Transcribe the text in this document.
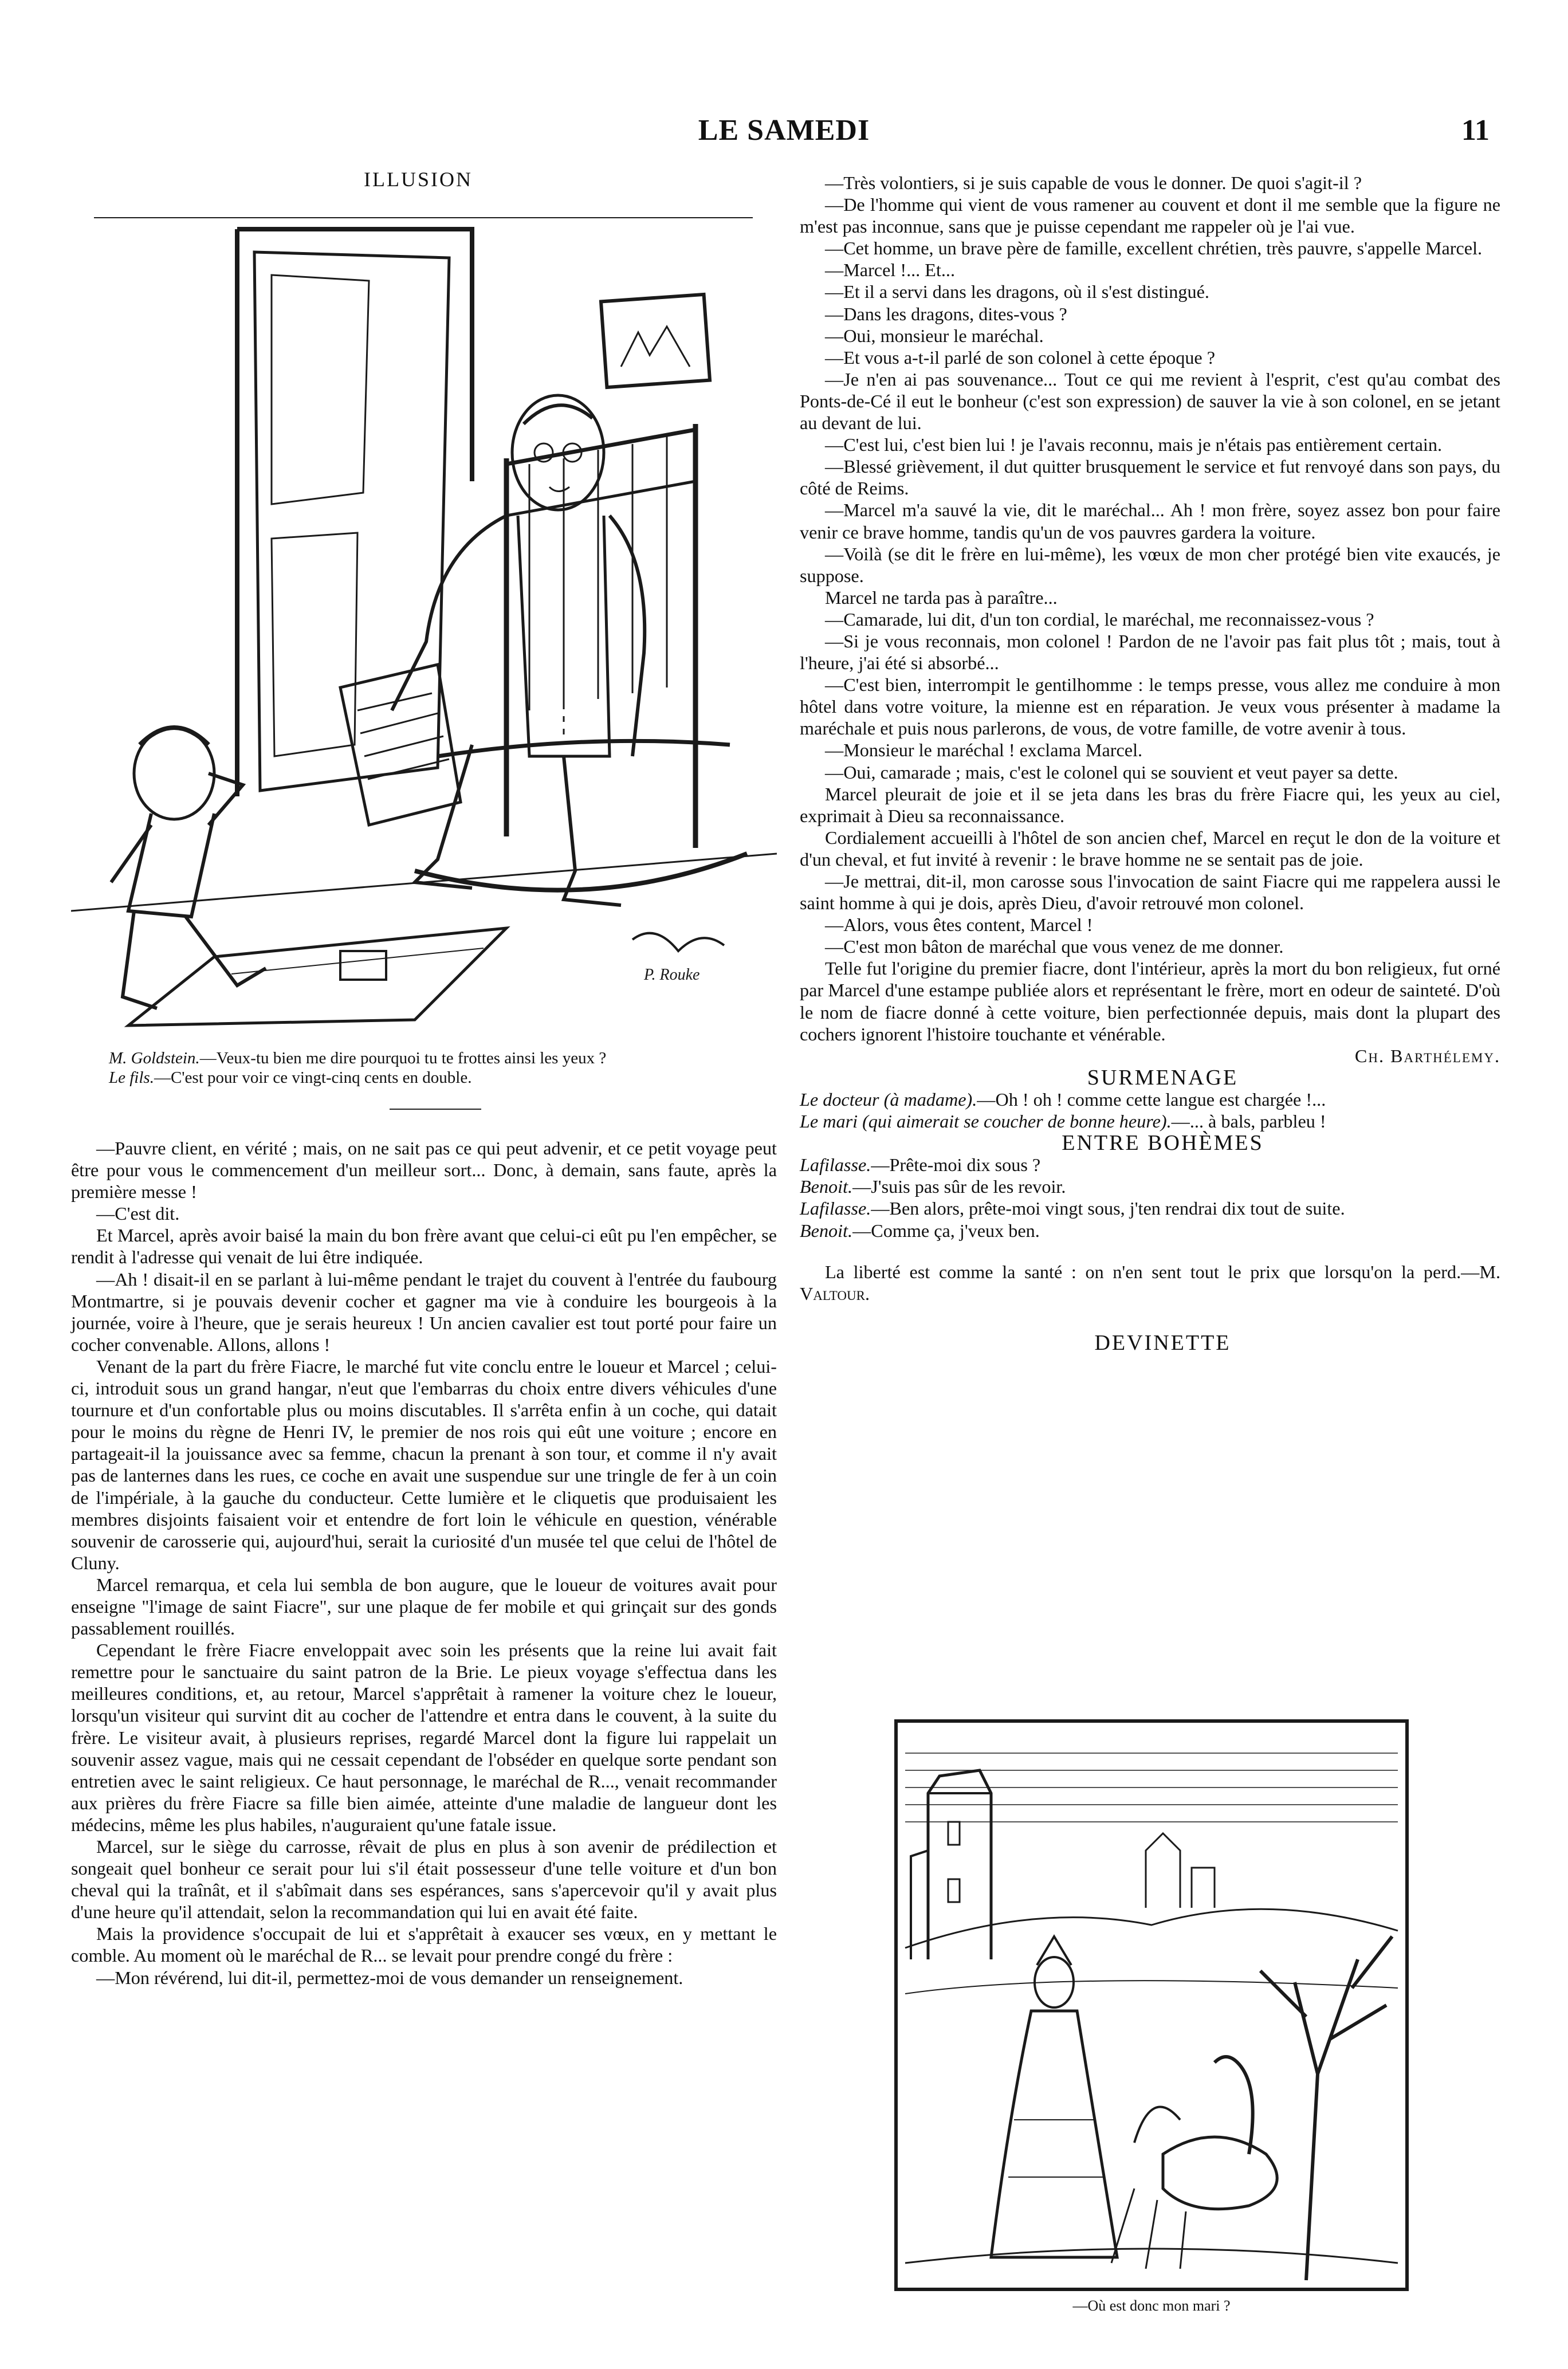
LE SAMEDI	11
ILLUSION
P. Rouke

M. Goldstein.—Veux-tu bien me dire pourquoi tu te frottes ainsi les yeux ?

Le fils.—C'est pour voir ce vingt-cinq cents en double.

—Pauvre client, en vérité ; mais, on ne sait pas ce qui peut advenir, et ce petit voyage peut être pour vous le commencement d'un meilleur sort... Donc, à demain, sans faute, après la première messe !

—C'est dit.

Et Marcel, après avoir baisé la main du bon frère avant que celui-ci eût pu l'en empêcher, se rendit à l'adresse qui venait de lui être indiquée.

—Ah ! disait-il en se parlant à lui-même pendant le trajet du couvent à l'entrée du faubourg Montmartre, si je pouvais devenir cocher et gagner ma vie à conduire les bourgeois à la journée, voire à l'heure, que je serais heureux ! Un ancien cavalier est tout porté pour faire un cocher convenable. Allons, allons !

Venant de la part du frère Fiacre, le marché fut vite conclu entre le loueur et Marcel ; celui-ci, introduit sous un grand hangar, n'eut que l'embarras du choix entre divers véhicules d'une tournure et d'un confortable plus ou moins discutables. Il s'arrêta enfin à un coche, qui datait pour le moins du règne de Henri IV, le premier de nos rois qui eût une voiture ; encore en partageait-il la jouissance avec sa femme, chacun la prenant à son tour, et comme il n'y avait pas de lanternes dans les rues, ce coche en avait une suspendue sur une tringle de fer à un coin de l'impériale, à la gauche du conducteur. Cette lumière et le cliquetis que produisaient les membres disjoints faisaient voir et entendre de fort loin le véhicule en question, vénérable souvenir de carosserie qui, aujourd'hui, serait la curiosité d'un musée tel que celui de l'hôtel de Cluny.

Marcel remarqua, et cela lui sembla de bon augure, que le loueur de voitures avait pour enseigne "l'image de saint Fiacre", sur une plaque de fer mobile et qui grinçait sur des gonds passablement rouillés.

Cependant le frère Fiacre enveloppait avec soin les présents que la reine lui avait fait remettre pour le sanctuaire du saint patron de la Brie. Le pieux voyage s'effectua dans les meilleures conditions, et, au retour, Marcel s'apprêtait à ramener la voiture chez le loueur, lorsqu'un visiteur qui survint dit au cocher de l'attendre et entra dans le couvent, à la suite du frère. Le visiteur avait, à plusieurs reprises, regardé Marcel dont la figure lui rappelait un souvenir assez vague, mais qui ne cessait cependant de l'obséder en quelque sorte pendant son entretien avec le saint religieux. Ce haut personnage, le maréchal de R..., venait recommander aux prières du frère Fiacre sa fille bien aimée, atteinte d'une maladie de langueur dont les médecins, même les plus habiles, n'auguraient qu'une fatale issue.

Marcel, sur le siège du carrosse, rêvait de plus en plus à son avenir de prédilection et songeait quel bonheur ce serait pour lui s'il était possesseur d'une telle voiture et d'un bon cheval qui la traînât, et il s'abîmait dans ses espérances, sans s'apercevoir qu'il y avait plus d'une heure qu'il attendait, selon la recommandation qui lui en avait été faite.

Mais la providence s'occupait de lui et s'apprêtait à exaucer ses vœux, en y mettant le comble. Au moment où le maréchal de R... se levait pour prendre congé du frère :

—Mon révérend, lui dit-il, permettez-moi de vous demander un renseignement.

—Très volontiers, si je suis capable de vous le donner. De quoi s'agit-il ?

—De l'homme qui vient de vous ramener au couvent et dont il me semble que la figure ne m'est pas inconnue, sans que je puisse cependant me rappeler où je l'ai vue.

—Cet homme, un brave père de famille, excellent chrétien, très pauvre, s'appelle Marcel.

—Marcel !... Et...

—Et il a servi dans les dragons, où il s'est distingué.

—Dans les dragons, dites-vous ?

—Oui, monsieur le maréchal.

—Et vous a-t-il parlé de son colonel à cette époque ?

—Je n'en ai pas souvenance... Tout ce qui me revient à l'esprit, c'est qu'au combat des Ponts-de-Cé il eut le bonheur (c'est son expression) de sauver la vie à son colonel, en se jetant au devant de lui.

—C'est lui, c'est bien lui ! je l'avais reconnu, mais je n'étais pas entièrement certain.

—Blessé grièvement, il dut quitter brusquement le service et fut renvoyé dans son pays, du côté de Reims.

—Marcel m'a sauvé la vie, dit le maréchal... Ah ! mon frère, soyez assez bon pour faire venir ce brave homme, tandis qu'un de vos pauvres gardera la voiture.

—Voilà (se dit le frère en lui-même), les vœux de mon cher protégé bien vite exaucés, je suppose.

Marcel ne tarda pas à paraître...

—Camarade, lui dit, d'un ton cordial, le maréchal, me reconnaissez-vous ?

—Si je vous reconnais, mon colonel ! Pardon de ne l'avoir pas fait plus tôt ; mais, tout à l'heure, j'ai été si absorbé...

—C'est bien, interrompit le gentilhomme : le temps presse, vous allez me conduire à mon hôtel dans votre voiture, la mienne est en réparation. Je veux vous présenter à madame la maréchale et puis nous parlerons, de vous, de votre famille, de votre avenir à tous.

—Monsieur le maréchal ! exclama Marcel.

—Oui, camarade ; mais, c'est le colonel qui se souvient et veut payer sa dette.

Marcel pleurait de joie et il se jeta dans les bras du frère Fiacre qui, les yeux au ciel, exprimait à Dieu sa reconnaissance.

Cordialement accueilli à l'hôtel de son ancien chef, Marcel en reçut le don de la voiture et d'un cheval, et fut invité à revenir : le brave homme ne se sentait pas de joie.

—Je mettrai, dit-il, mon carosse sous l'invocation de saint Fiacre qui me rappelera aussi le saint homme à qui je dois, après Dieu, d'avoir retrouvé mon colonel.

—Alors, vous êtes content, Marcel !

—C'est mon bâton de maréchal que vous venez de me donner.

Telle fut l'origine du premier fiacre, dont l'intérieur, après la mort du bon religieux, fut orné par Marcel d'une estampe publiée alors et représentant le frère, mort en odeur de sainteté. D'où le nom de fiacre donné à cette voiture, bien perfectionnée depuis, mais dont la plupart des cochers ignorent l'histoire touchante et vénérable.

Ch. Barthélemy.

SURMENAGE

Le docteur (à madame).—Oh ! oh ! comme cette langue est chargée !...

Le mari (qui aimerait se coucher de bonne heure).—... à bals, parbleu !

ENTRE BOHÈMES

Lafilasse.—Prête-moi dix sous ?

Benoit.—J'suis pas sûr de les revoir.

Lafilasse.—Ben alors, prête-moi vingt sous, j'ten rendrai dix tout de suite.

Benoit.—Comme ça, j'veux ben.

La liberté est comme la santé : on n'en sent tout le prix que lorsqu'on la perd.—M. Valtour.

DEVINETTE

—Où est donc mon mari ?
